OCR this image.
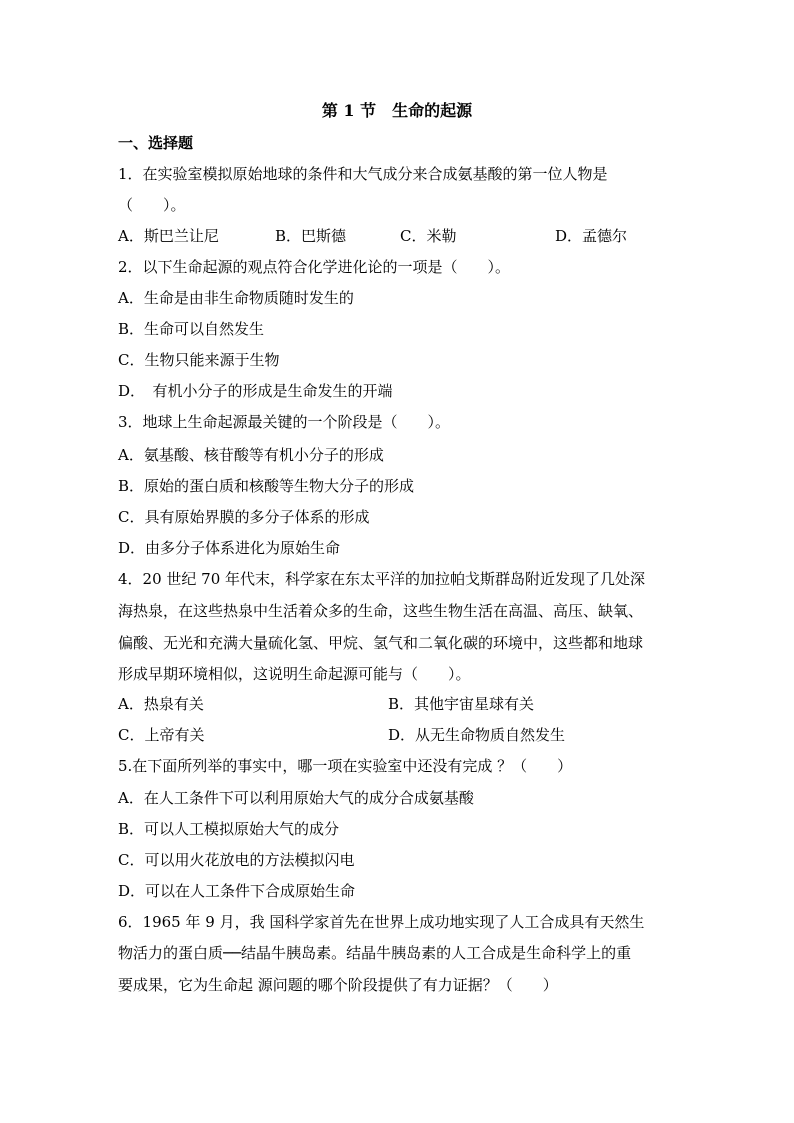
第 1 节　生命的起源
一、选择题
1．在实验室模拟原始地球的条件和大气成分来合成氨基酸的第一位人物是
（　　）。
A．斯巴兰让尼	B．巴斯德	C．米勒	D．孟德尔
2．以下生命起源的观点符合化学进化论的一项是（　　）。
A．生命是由非生命物质随时发生的
B．生命可以自然发生
C．生物只能来源于生物
D．　有机小分子的形成是生命发生的开端
3．地球上生命起源最关键的一个阶段是（　　）。
A．氨基酸、核苷酸等有机小分子的形成
B．原始的蛋白质和核酸等生物大分子的形成
C．具有原始界膜的多分子体系的形成
D．由多分子体系进化为原始生命
4．20 世纪 70 年代末，科学家在东太平洋的加拉帕戈斯群岛附近发现了几处深
海热泉，在这些热泉中生活着众多的生命，这些生物生活在高温、高压、缺氧、
偏酸、无光和充满大量硫化氢、甲烷、氢气和二氧化碳的环境中，这些都和地球
形成早期环境相似，这说明生命起源可能与（　　）。
A．热泉有关	B．其他宇宙星球有关
C．上帝有关	D．从无生命物质自然发生
5.在下面所列举的事实中，哪一项在实验室中还没有完成 ？（　　）
A．在人工条件下可以利用原始大气的成分合成氨基酸
B．可以人工模拟原始大气的成分
C．可以用火花放电的方法模拟闪电
D．可以在人工条件下合成原始生命
6．1965 年 9 月，我 国科学家首先在世界上成功地实现了人工合成具有天然生
物活力的蛋白质──结晶牛胰岛素。结晶牛胰岛素的人工合成是生命科学上的重
要成果，它为生命起 源问题的哪个阶段提供了有力证据？（　　）
